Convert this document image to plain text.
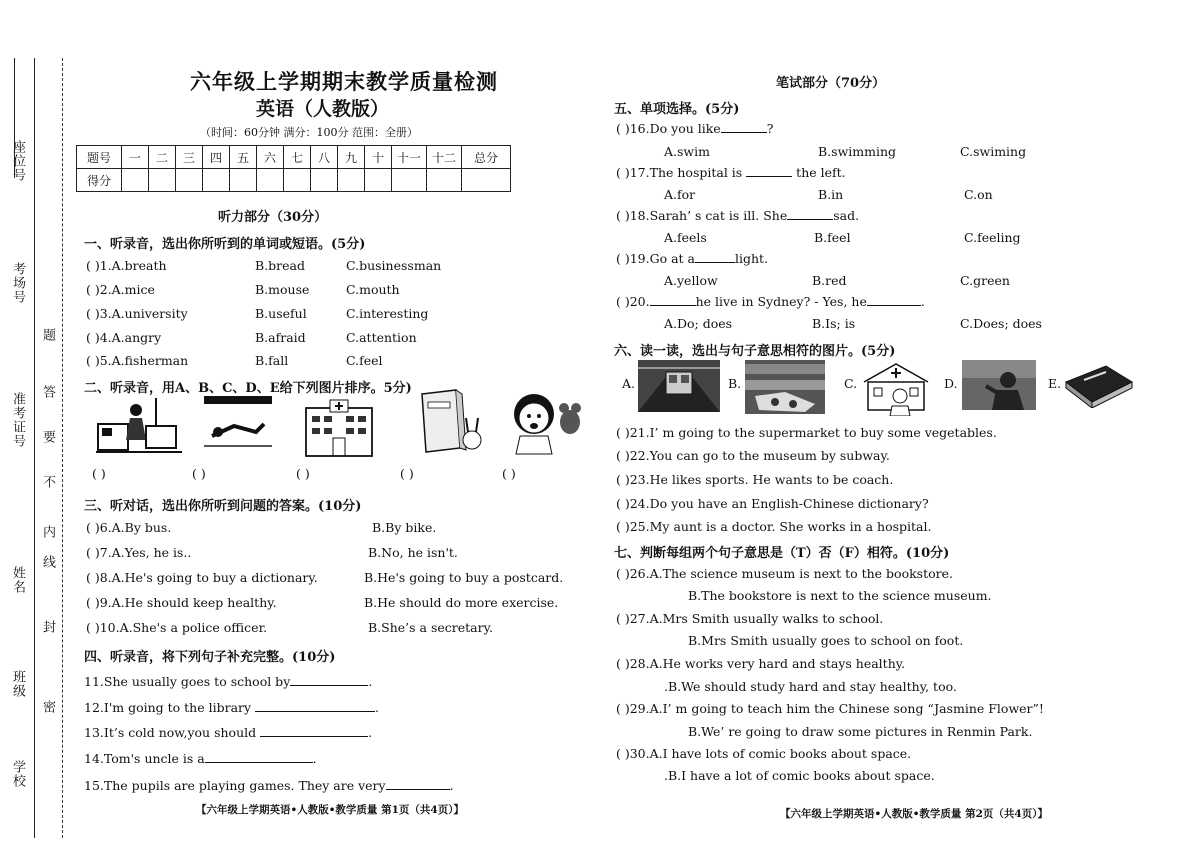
座位号
考场号
准考证号
姓名
班级
学校
密
封
线
内
不
要
答
题
六年级上学期期末教学质量检测
英语（人教版）
（时间：60分钟 满分：100分 范围：全册）
题号	一	二	三	四	五	六	七	八	九	十	十一	十二	总分
得分													
听力部分（30分）
一、听录音，选出你所听到的单词或短语。(5分)
( )1.A.breath	B.bread	C.businessman
( )2.A.mice	B.mouse	C.mouth
( )3.A.university	B.useful	C.interesting
( )4.A.angry	B.afraid	C.attention
( )5.A.fisherman	B.fall	C.feel
二、听录音，用A、B、C、D、E给下列图片排序。5分)
( )	( )	( )	( )	( )
三、听对话，选出你所听到问题的答案。(10分)
( )6.A.By bus.	B.By bike.
( )7.A.Yes, he is..	B.No, he isn't.
( )8.A.He's going to buy a dictionary.	B.He's going to buy a postcard.
( )9.A.He should keep healthy.	B.He should do more exercise.
( )10.A.She's a police officer.	B.She’s a secretary.
四、听录音，将下列句子补充完整。(10分)
11.She usually goes to school by	.
12.I'm going to the library	.
13.It’s cold now,you should	.
14.Tom's uncle is a	.
15.The pupils are playing games. They are very	.
【六年级上学期英语•人教版•教学质量 第1页（共4页）】
笔试部分（70分）
五、单项选择。(5分)
( )16.Do you like	?
A.swim	B.swimming	C.swiming
( )17.The hospital is	the left.
A.for	B.in	C.on
( )18.Sarah’ s cat is ill. She	sad.
A.feels	B.feel	C.feeling
( )19.Go at a	light.
A.yellow	B.red	C.green
( )20.	he live in Sydney? - Yes, he	.
A.Do; does	B.Is; is	C.Does; does
六、读一读，选出与句子意思相符的图片。(5分)
A.	B.	C.	D.	E.
( )21.I’ m going to the supermarket to buy some vegetables.
( )22.You can go to the museum by subway.
( )23.He likes sports. He wants to be coach.
( )24.Do you have an English-Chinese dictionary?
( )25.My aunt is a doctor. She works in a hospital.
七、判断每组两个句子意思是（T）否（F）相符。(10分)
( )26.A.The science museum is next to the bookstore.
B.The bookstore is next to the science museum.
( )27.A.Mrs Smith usually walks to school.
B.Mrs Smith usually goes to school on foot.
( )28.A.He works very hard and stays healthy.
.B.We should study hard and stay healthy, too.
( )29.A.I’ m going to teach him the Chinese song “Jasmine Flower”!
B.We’ re going to draw some pictures in Renmin Park.
( )30.A.I have lots of comic books about space.
.B.I have a lot of comic books about space.
【六年级上学期英语•人教版•教学质量 第2页（共4页）】
